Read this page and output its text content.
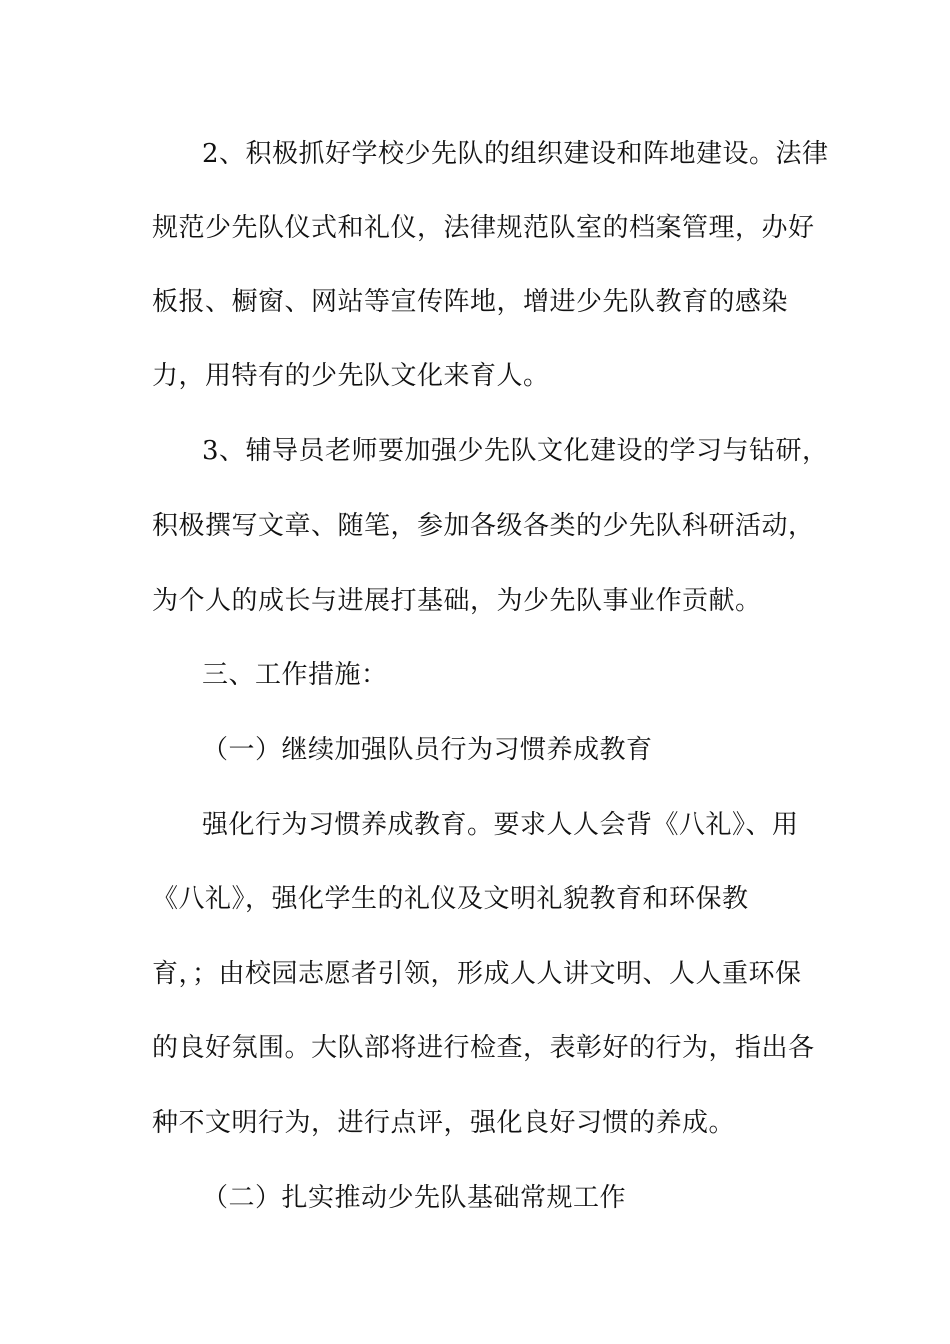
2、积极抓好学校少先队的组织建设和阵地建设。法律
规范少先队仪式和礼仪，法律规范队室的档案管理，办好
板报、橱窗、网站等宣传阵地，增进少先队教育的感染
力，用特有的少先队文化来育人。
3、辅导员老师要加强少先队文化建设的学习与钻研，
积极撰写文章、随笔，参加各级各类的少先队科研活动，
为个人的成长与进展打基础，为少先队事业作贡献。
三、工作措施：
（一）继续加强队员行为习惯养成教育
强化行为习惯养成教育。要求人人会背《八礼》、用
《八礼》，强化学生的礼仪及文明礼貌教育和环保教
育，；由校园志愿者引领，形成人人讲文明、人人重环保
的良好氛围。大队部将进行检查，表彰好的行为，指出各
种不文明行为，进行点评，强化良好习惯的养成。
（二）扎实推动少先队基础常规工作
